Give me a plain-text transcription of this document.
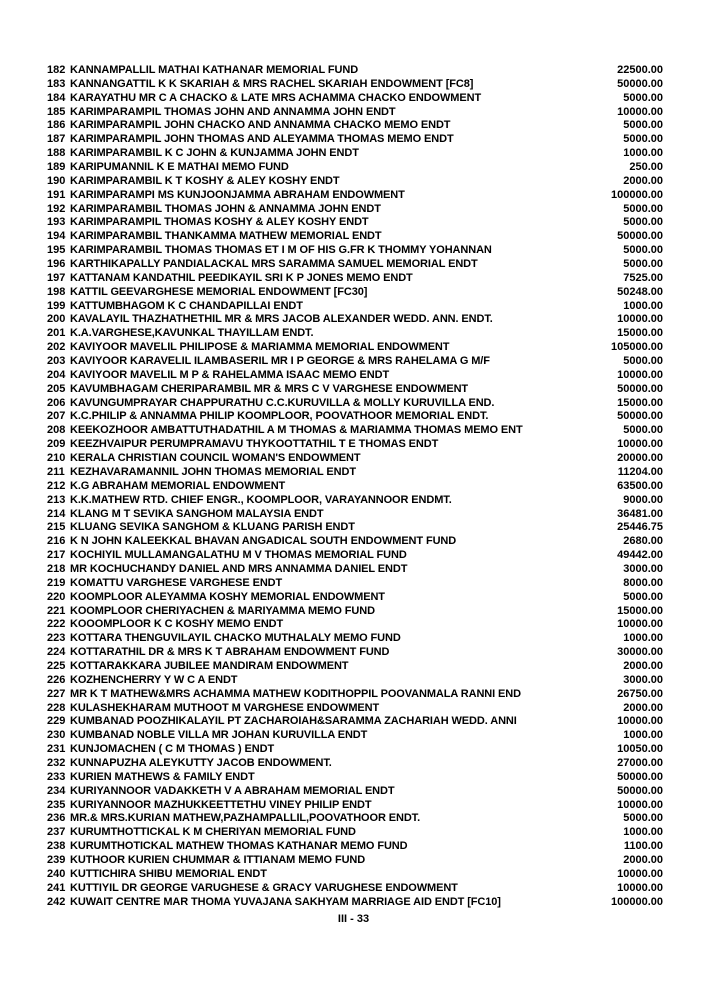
182 KANNAMPALLIL MATHAI KATHANAR MEMORIAL FUND	22500.00
183 KANNANGATTIL K K SKARIAH & MRS RACHEL SKARIAH ENDOWMENT [FC8]	50000.00
184 KARAYATHU MR C A CHACKO & LATE MRS ACHAMMA CHACKO ENDOWMENT	5000.00
185 KARIMPARAMPIL THOMAS JOHN AND ANNAMMA JOHN ENDT	10000.00
186 KARIMPARAMPIL JOHN CHACKO AND ANNAMMA CHACKO MEMO ENDT	5000.00
187 KARIMPARAMPIL JOHN THOMAS AND ALEYAMMA THOMAS MEMO ENDT	5000.00
188 KARIMPARAMBIL K C JOHN & KUNJAMMA JOHN ENDT	1000.00
189 KARIPUMANNIL K E MATHAI MEMO FUND	250.00
190 KARIMPARAMBIL K T KOSHY & ALEY KOSHY ENDT	2000.00
191 KARIMPARAMPI MS KUNJOONJAMMA ABRAHAM ENDOWMENT	100000.00
192 KARIMPARAMBIL THOMAS JOHN & ANNAMMA JOHN ENDT	5000.00
193 KARIMPARAMPIL THOMAS KOSHY & ALEY KOSHY ENDT	5000.00
194 KARIMPARAMBIL THANKAMMA MATHEW MEMORIAL ENDT	50000.00
195 KARIMPARAMBIL THOMAS THOMAS ET I M OF HIS G.FR K THOMMY YOHANNAN	5000.00
196 KARTHIKAPALLY PANDIALACKAL MRS SARAMMA SAMUEL MEMORIAL ENDT	5000.00
197 KATTANAM KANDATHIL PEEDIKAYIL SRI K P JONES MEMO ENDT	7525.00
198 KATTIL GEEVARGHESE MEMORIAL ENDOWMENT [FC30]	50248.00
199 KATTUMBHAGOM K C CHANDAPILLAI ENDT	1000.00
200 KAVALAYIL THAZHATHETHIL MR & MRS JACOB ALEXANDER WEDD. ANN. ENDT.	10000.00
201 K.A.VARGHESE,KAVUNKAL THAYILLAM ENDT.	15000.00
202 KAVIYOOR MAVELIL PHILIPOSE & MARIAMMA MEMORIAL ENDOWMENT	105000.00
203 KAVIYOOR KARAVELIL ILAMBASERIL MR I P GEORGE & MRS RAHELAMA G M/F	5000.00
204 KAVIYOOR MAVELIL M P & RAHELAMMA ISAAC MEMO ENDT	10000.00
205 KAVUMBHAGAM CHERIPARAMBIL MR & MRS C V VARGHESE ENDOWMENT	50000.00
206 KAVUNGUMPRAYAR CHAPPURATHU C.C.KURUVILLA & MOLLY KURUVILLA END.	15000.00
207 K.C.PHILIP & ANNAMMA PHILIP KOOMPLOOR, POOVATHOOR MEMORIAL ENDT.	50000.00
208 KEEKOZHOOR AMBATTUTHADATHIL A M THOMAS & MARIAMMA THOMAS MEMO ENT	5000.00
209 KEEZHVAIPUR PERUMPRAMAVU THYKOOTTATHIL T E THOMAS ENDT	10000.00
210 KERALA CHRISTIAN COUNCIL WOMAN'S ENDOWMENT	20000.00
211 KEZHAVARAMANNIL JOHN THOMAS MEMORIAL ENDT	11204.00
212 K.G ABRAHAM MEMORIAL ENDOWMENT	63500.00
213 K.K.MATHEW RTD. CHIEF ENGR., KOOMPLOOR, VARAYANNOOR ENDMT.	9000.00
214 KLANG M T SEVIKA SANGHOM MALAYSIA ENDT	36481.00
215 KLUANG SEVIKA SANGHOM & KLUANG PARISH ENDT	25446.75
216 K N JOHN KALEEKKAL BHAVAN ANGADICAL SOUTH ENDOWMENT FUND	2680.00
217 KOCHIYIL MULLAMANGALATHU M V THOMAS MEMORIAL FUND	49442.00
218 MR KOCHUCHANDY DANIEL AND MRS ANNAMMA DANIEL ENDT	3000.00
219 KOMATTU VARGHESE VARGHESE ENDT	8000.00
220 KOOMPLOOR ALEYAMMA KOSHY MEMORIAL ENDOWMENT	5000.00
221 KOOMPLOOR CHERIYACHEN & MARIYAMMA MEMO FUND	15000.00
222 KOOOMPLOOR K C KOSHY MEMO ENDT	10000.00
223 KOTTARA THENGUVILAYIL CHACKO MUTHALALY MEMO FUND	1000.00
224 KOTTARATHIL DR & MRS K T ABRAHAM ENDOWMENT FUND	30000.00
225 KOTTARAKKARA JUBILEE MANDIRAM ENDOWMENT	2000.00
226 KOZHENCHERRY Y W C A ENDT	3000.00
227 MR K T MATHEW&MRS ACHAMMA MATHEW KODITHOPPIL POOVANMALA RANNI END	26750.00
228 KULASHEKHARAM MUTHOOT M VARGHESE ENDOWMENT	2000.00
229 KUMBANAD POOZHIKALAYIL PT ZACHAROIAH&SARAMMA ZACHARIAH WEDD. ANNI	10000.00
230 KUMBANAD NOBLE VILLA MR JOHAN KURUVILLA ENDT	1000.00
231 KUNJOMACHEN ( C M THOMAS ) ENDT	10050.00
232 KUNNAPUZHA ALEYKUTTY JACOB ENDOWMENT.	27000.00
233 KURIEN MATHEWS & FAMILY ENDT	50000.00
234 KURIYANNOOR VADAKKETH V A ABRAHAM MEMORIAL ENDT	50000.00
235 KURIYANNOOR MAZHUKKEETTETHU VINEY PHILIP ENDT	10000.00
236 MR.& MRS.KURIAN MATHEW,PAZHAMPALLIL,POOVATHOOR ENDT.	5000.00
237 KURUMTHOTTICKAL K M CHERIYAN MEMORIAL FUND	1000.00
238 KURUMTHOTICKAL MATHEW THOMAS KATHANAR MEMO FUND	1100.00
239 KUTHOOR KURIEN CHUMMAR & ITTIANAM MEMO FUND	2000.00
240 KUTTICHIRA SHIBU MEMORIAL ENDT	10000.00
241 KUTTIYIL DR GEORGE VARUGHESE & GRACY VARUGHESE ENDOWMENT	10000.00
242 KUWAIT CENTRE MAR THOMA YUVAJANA SAKHYAM MARRIAGE AID ENDT [FC10]	100000.00
III - 33
